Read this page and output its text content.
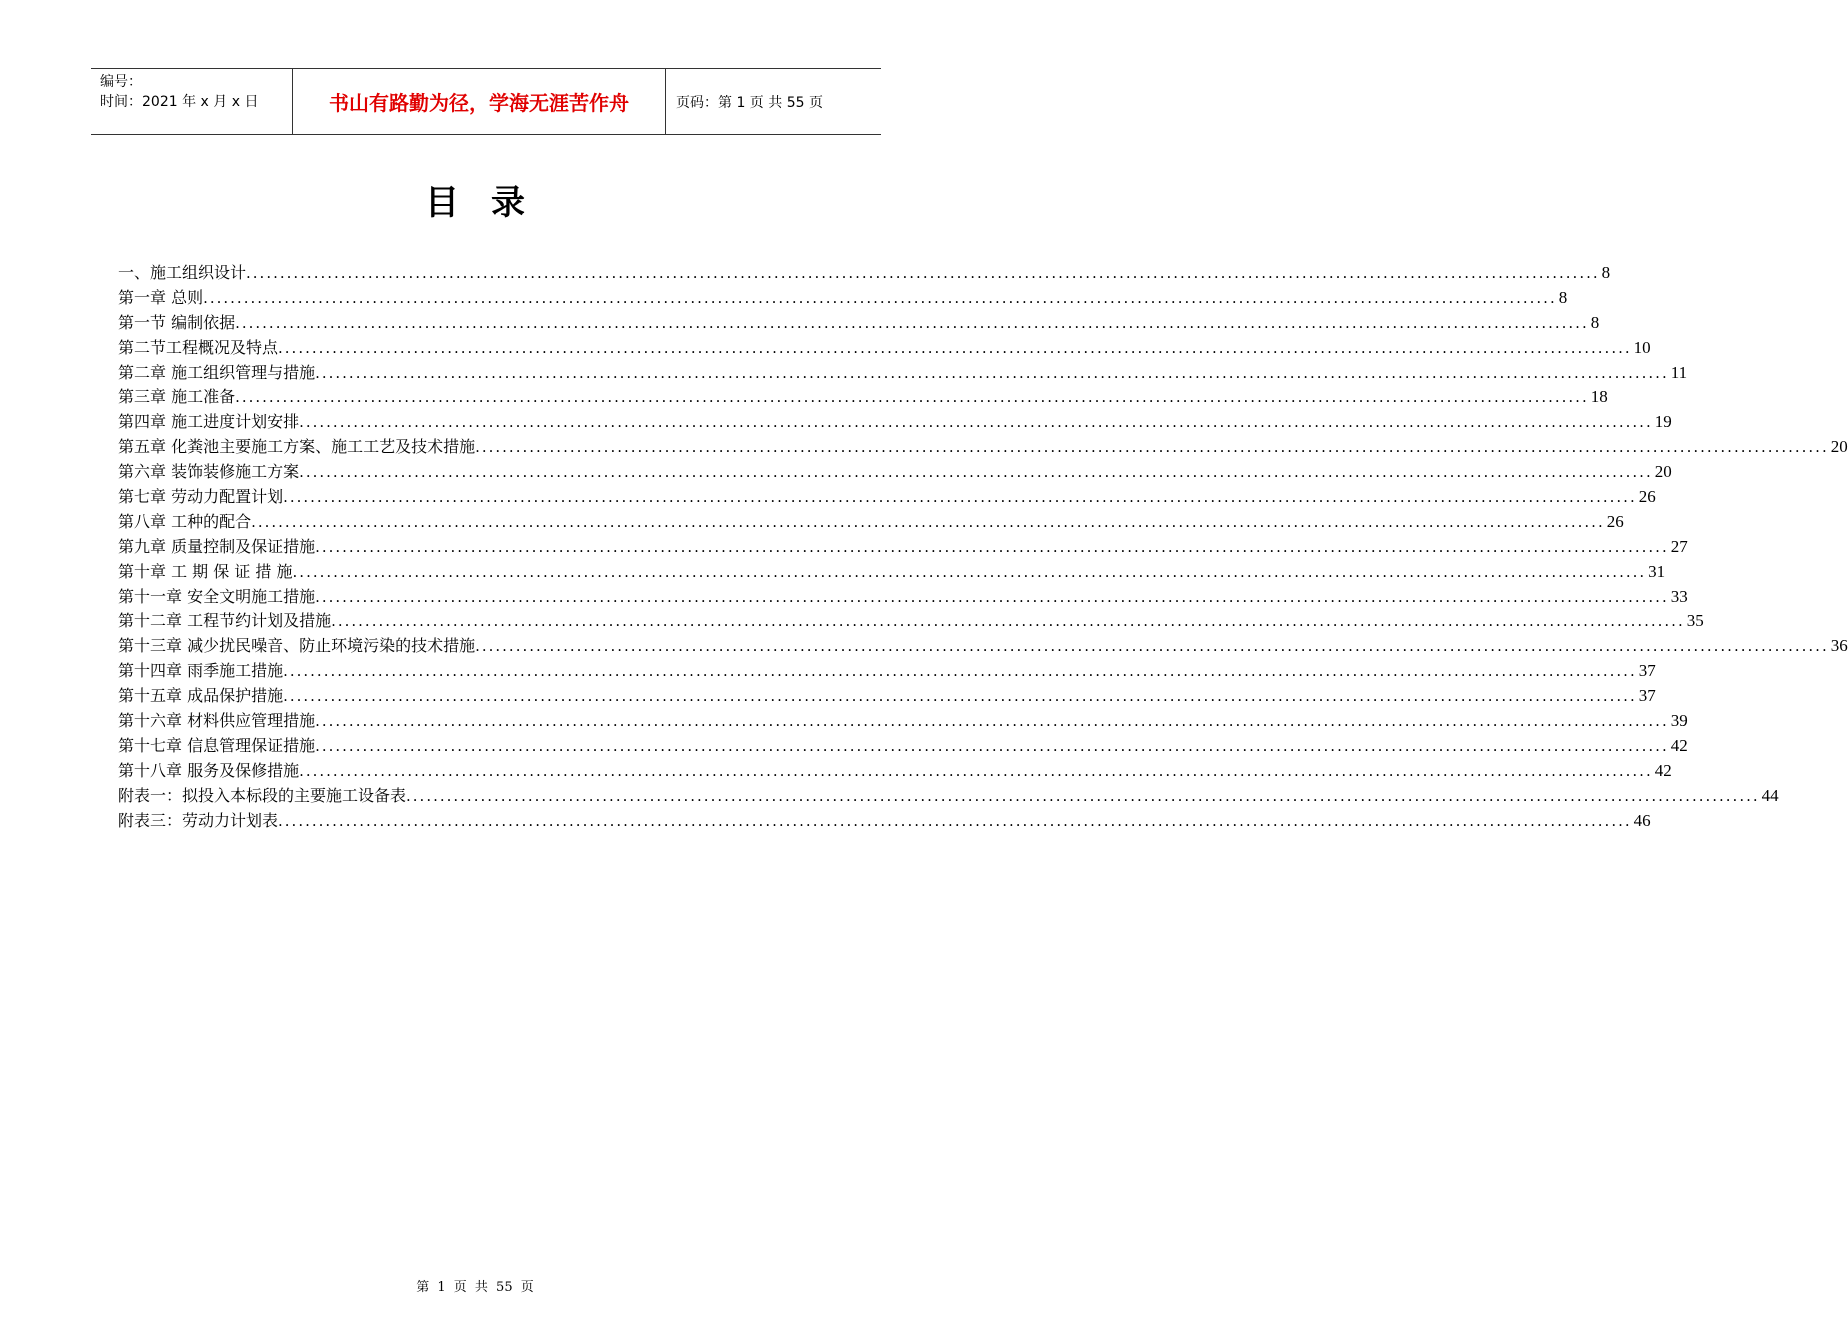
编号：
时间：2021 年 x 月 x 日	书山有路勤为径，学海无涯苦作舟	页码：第 1 页 共 55 页
目录
一、施工组织设计 ........................................................................................................................................................................................................ 8
第一章 总则 ........................................................................................................................................................................................................ 8
第一节 编制依据 ........................................................................................................................................................................................................ 8
第二节工程概况及特点 ........................................................................................................................................................................................................ 10
第二章 施工组织管理与措施 ........................................................................................................................................................................................................ 11
第三章 施工准备 ........................................................................................................................................................................................................ 18
第四章 施工进度计划安排 ........................................................................................................................................................................................................ 19
第五章 化粪池主要施工方案、施工工艺及技术措施 ........................................................................................................................................................................................................ 20
第六章 装饰装修施工方案 ........................................................................................................................................................................................................ 20
第七章 劳动力配置计划 ........................................................................................................................................................................................................ 26
第八章 工种的配合 ........................................................................................................................................................................................................ 26
第九章 质量控制及保证措施 ........................................................................................................................................................................................................ 27
第十章 工 期 保 证 措 施 ........................................................................................................................................................................................................ 31
第十一章 安全文明施工措施 ........................................................................................................................................................................................................ 33
第十二章 工程节约计划及措施 ........................................................................................................................................................................................................ 35
第十三章 减少扰民噪音、防止环境污染的技术措施 ........................................................................................................................................................................................................ 36
第十四章 雨季施工措施 ........................................................................................................................................................................................................ 37
第十五章 成品保护措施 ........................................................................................................................................................................................................ 37
第十六章 材料供应管理措施 ........................................................................................................................................................................................................ 39
第十七章 信息管理保证措施 ........................................................................................................................................................................................................ 42
第十八章 服务及保修措施 ........................................................................................................................................................................................................ 42
附表一：拟投入本标段的主要施工设备表 ........................................................................................................................................................................................................ 44
附表三：劳动力计划表 ........................................................................................................................................................................................................ 46
第 1 页 共 55 页
